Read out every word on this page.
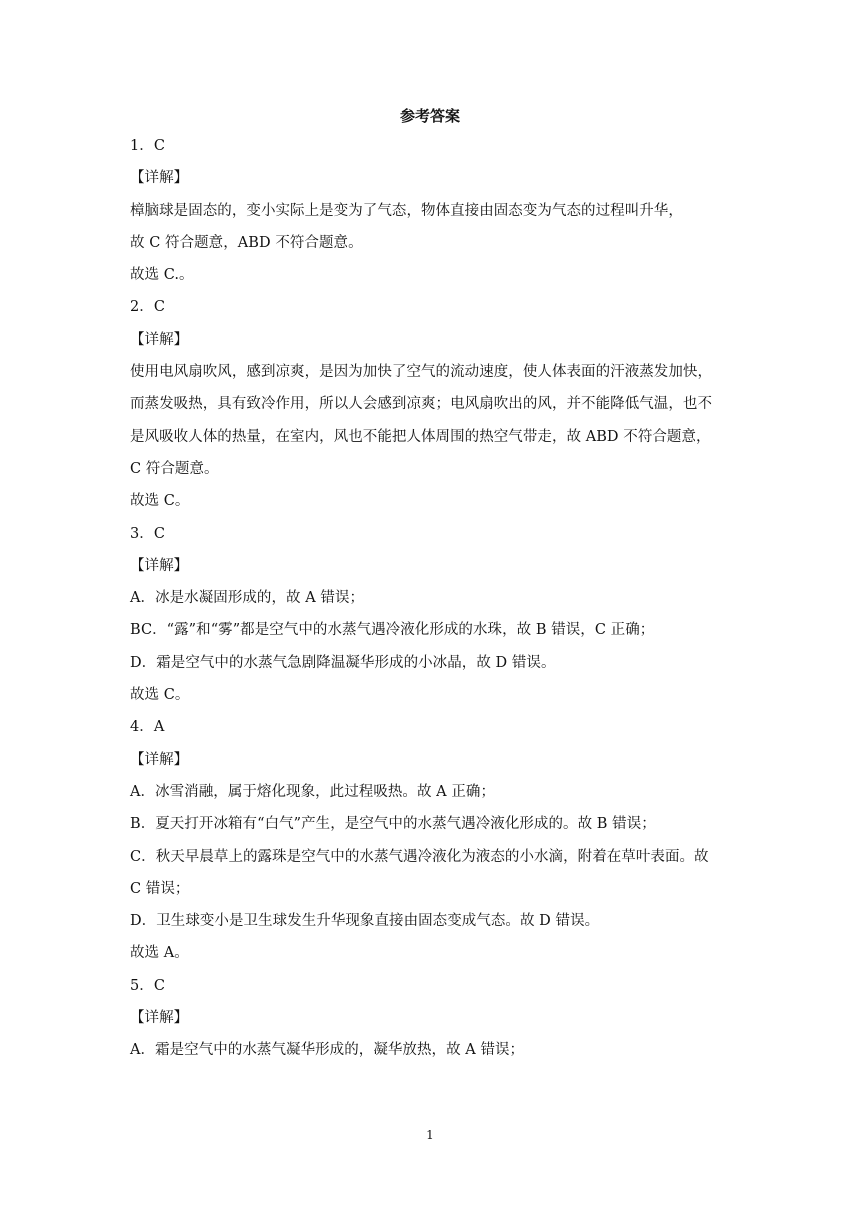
参考答案
1．C
【详解】
樟脑球是固态的，变小实际上是变为了气态，物体直接由固态变为气态的过程叫升华，
故 C 符合题意，ABD 不符合题意。
故选 C.。
2．C
【详解】
使用电风扇吹风，感到凉爽，是因为加快了空气的流动速度，使人体表面的汗液蒸发加快，
而蒸发吸热，具有致冷作用，所以人会感到凉爽；电风扇吹出的风，并不能降低气温，也不
是风吸收人体的热量，在室内，风也不能把人体周围的热空气带走，故 ABD 不符合题意，
C 符合题意。
故选 C。
3．C
【详解】
A．冰是水凝固形成的，故 A 错误；
BC．“露”和“雾”都是空气中的水蒸气遇冷液化形成的水珠，故 B 错误，C 正确；
D．霜是空气中的水蒸气急剧降温凝华形成的小冰晶，故 D 错误。
故选 C。
4．A
【详解】
A．冰雪消融，属于熔化现象，此过程吸热。故 A 正确；
B．夏天打开冰箱有“白气”产生，是空气中的水蒸气遇冷液化形成的。故 B 错误；
C．秋天早晨草上的露珠是空气中的水蒸气遇冷液化为液态的小水滴，附着在草叶表面。故
C 错误；
D．卫生球变小是卫生球发生升华现象直接由固态变成气态。故 D 错误。
故选 A。
5．C
【详解】
A．霜是空气中的水蒸气凝华形成的，凝华放热，故 A 错误；
1
